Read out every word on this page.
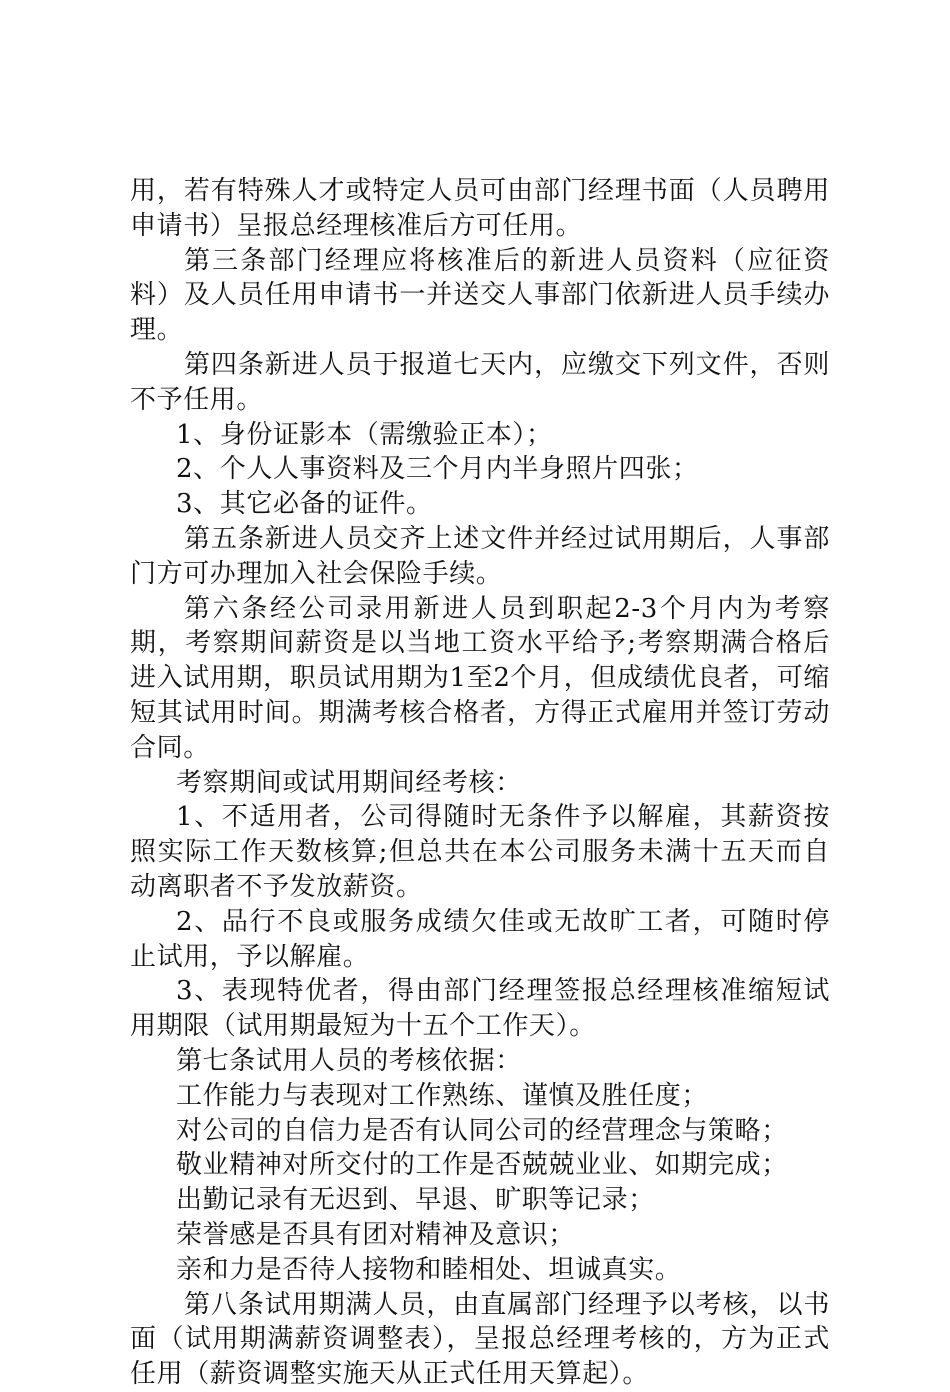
用，若有特殊人才或特定人员可由部门经理书面（人员聘用申请书）呈报总经理核准后方可任用。

第三条部门经理应将核准后的新进人员资料（应征资料）及人员任用申请书一并送交人事部门依新进人员手续办理。

第四条新进人员于报道七天内，应缴交下列文件，否则不予任用。

1、身份证影本（需缴验正本）；

2、个人人事资料及三个月内半身照片四张；

3、其它必备的证件。

第五条新进人员交齐上述文件并经过试用期后，人事部门方可办理加入社会保险手续。

第六条经公司录用新进人员到职起2-3个月内为考察期，考察期间薪资是以当地工资水平给予;考察期满合格后进入试用期，职员试用期为1至2个月，但成绩优良者，可缩短其试用时间。期满考核合格者，方得正式雇用并签订劳动合同。

考察期间或试用期间经考核：

1、不适用者，公司得随时无条件予以解雇，其薪资按照实际工作天数核算;但总共在本公司服务未满十五天而自动离职者不予发放薪资。

2、品行不良或服务成绩欠佳或无故旷工者，可随时停止试用，予以解雇。

3、表现特优者，得由部门经理签报总经理核准缩短试用期限（试用期最短为十五个工作天）。

第七条试用人员的考核依据：

工作能力与表现对工作熟练、谨慎及胜任度；

对公司的自信力是否有认同公司的经营理念与策略；

敬业精神对所交付的工作是否兢兢业业、如期完成；

出勤记录有无迟到、早退、旷职等记录；

荣誉感是否具有团对精神及意识；

亲和力是否待人接物和睦相处、坦诚真实。

第八条试用期满人员，由直属部门经理予以考核，以书面（试用期满薪资调整表），呈报总经理考核的，方为正式任用（薪资调整实施天从正式任用天算起）。
